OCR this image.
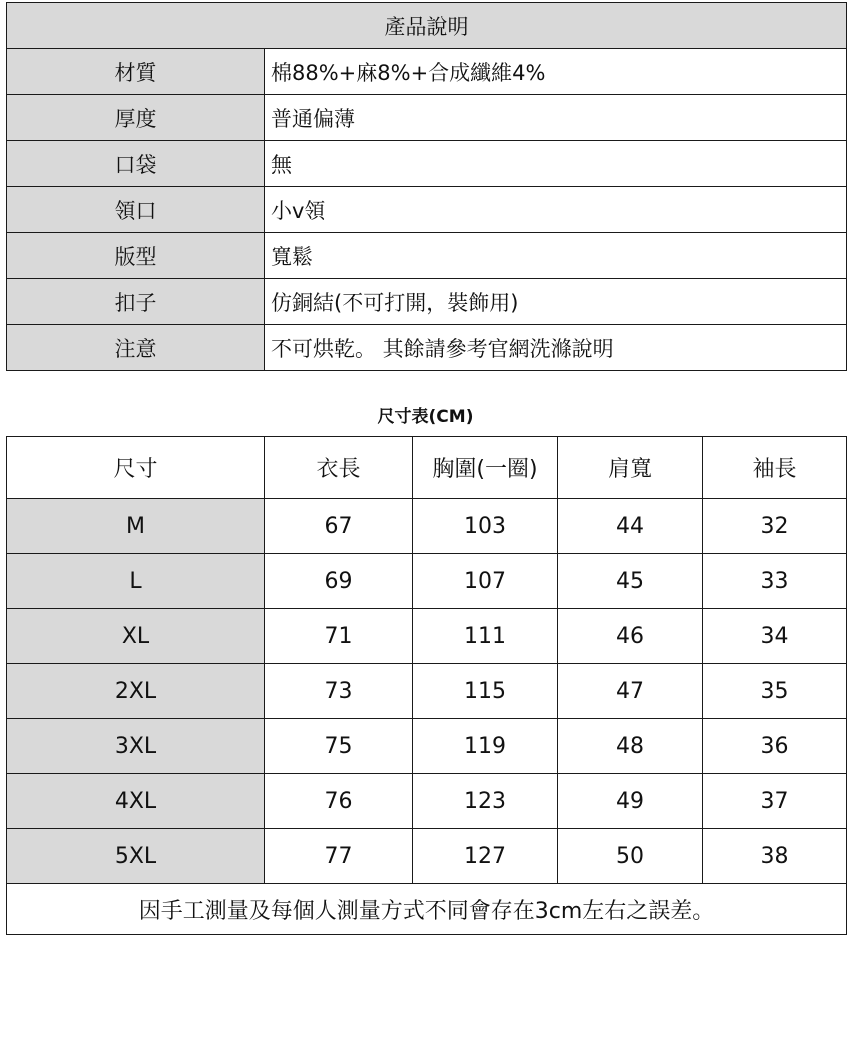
產品說明	
材質	棉88%+麻8%+合成纖維4%
厚度	普通偏薄
口袋	無
領口	小v領
版型	寬鬆
扣子	仿銅結(不可打開，裝飾用)
注意	不可烘乾。 其餘請參考官網洗滌說明
尺寸表(CM)
尺寸	衣長	胸圍(一圈)	肩寬	袖長
M	67	103	44	32
L	69	107	45	33
XL	71	111	46	34
2XL	73	115	47	35
3XL	75	119	48	36
4XL	76	123	49	37
5XL	77	127	50	38
因手工測量及每個人測量方式不同會存在3cm左右之誤差。				
